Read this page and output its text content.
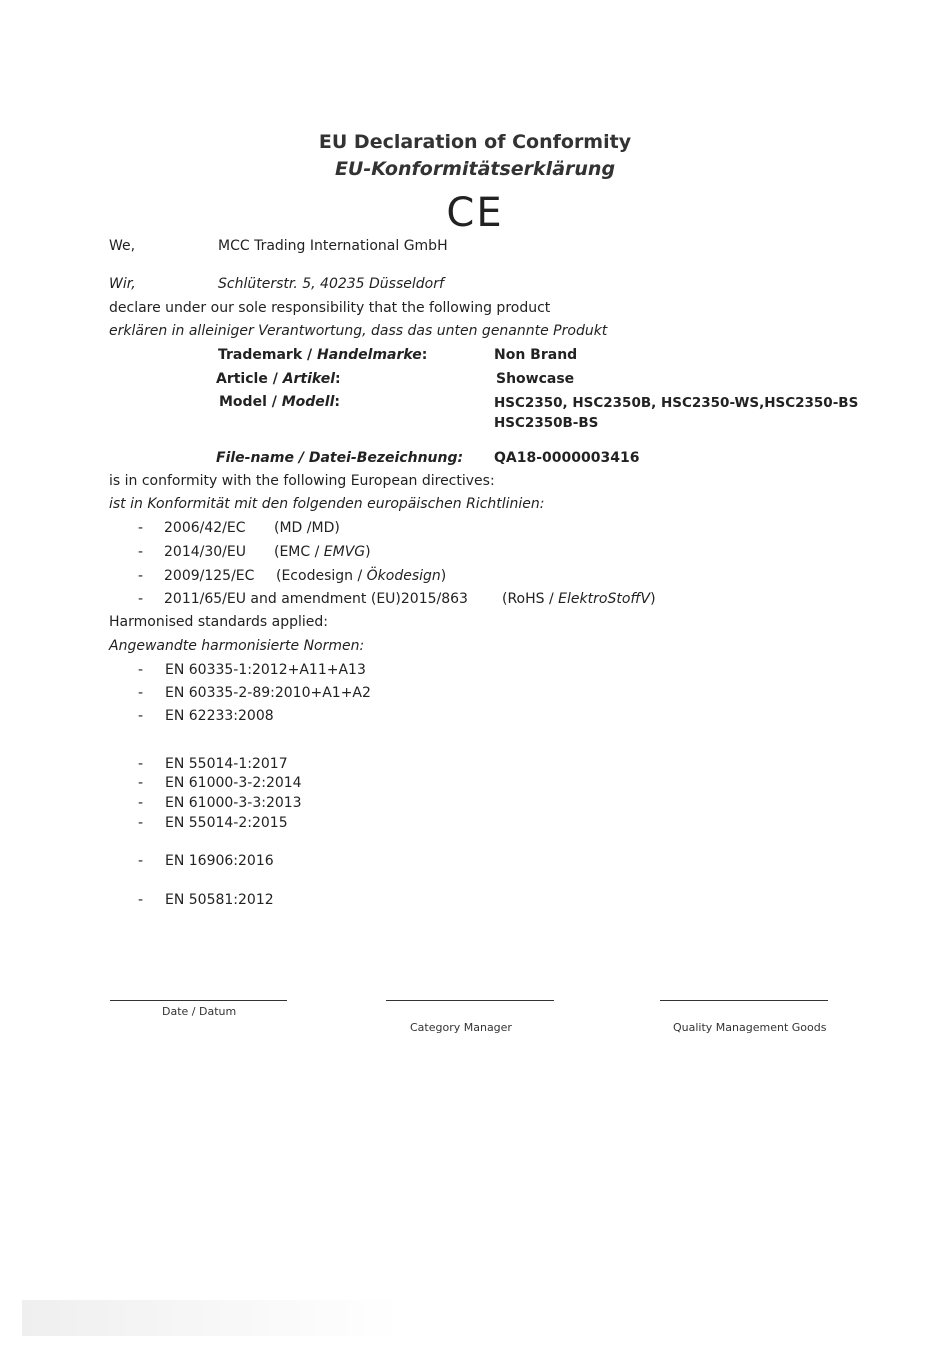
EU Declaration of Conformity
EU-Konformitätserklärung
CE
We,	MCC Trading International GmbH
Wir,	Schlüterstr. 5, 40235 Düsseldorf
declare under our sole responsibility that the following product
erklären in alleiniger Verantwortung, dass das unten genannte Produkt
Trademark / Handelmarke:	Non Brand
Article / Artikel:	Showcase
Model / Modell:	HSC2350, HSC2350B, HSC2350-WS,HSC2350-BS
HSC2350B-BS
File-name / Datei-Bezeichnung: QA18-0000003416
is in conformity with the following European directives:
ist in Konformität mit den folgenden europäischen Richtlinien:
- 2006/42/EC (MD /MD)
- 2014/30/EU (EMC / EMVG)
- 2009/125/EC (Ecodesign / Ökodesign)
- 2011/65/EU and amendment (EU)2015/863 (RoHS / ElektroStoffV)
Harmonised standards applied:
Angewandte harmonisierte Normen:
- EN 60335-1:2012+A11+A13
- EN 60335-2-89:2010+A1+A2
- EN 62233:2008
- EN 55014-1:2017
- EN 61000-3-2:2014
- EN 61000-3-3:2013
- EN 55014-2:2015
- EN 16906:2016
- EN 50581:2012
Date / Datum
Category Manager	Quality Management Goods
